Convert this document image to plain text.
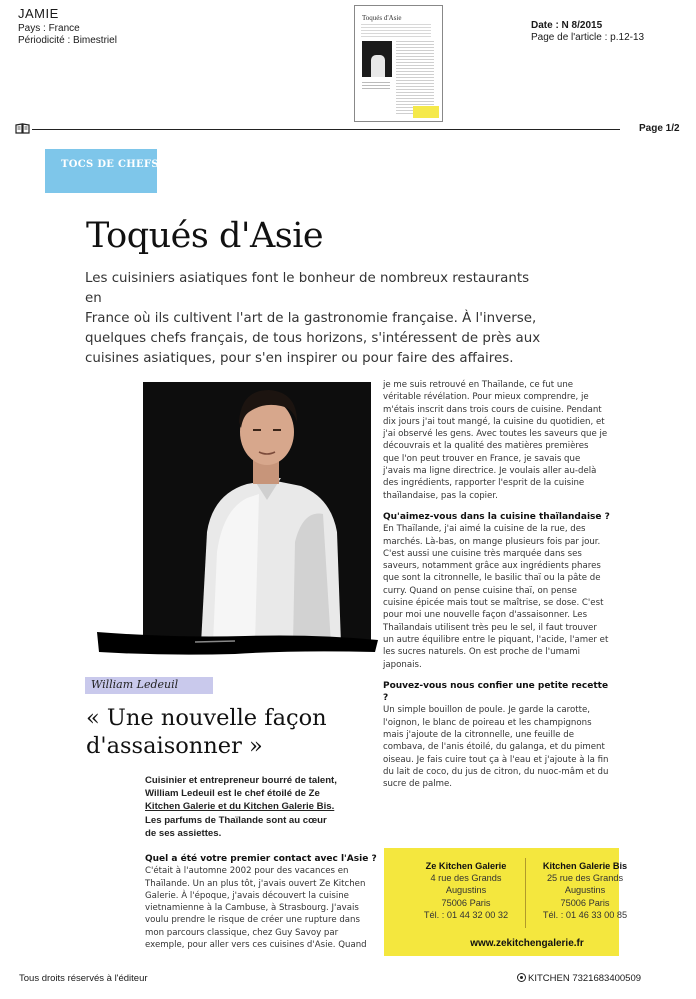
JAMIE
Pays : France
Périodicité : Bimestriel
Toqués d'Asie
Date : N 8/2015
Page de l'article : p.12-13
Page 1/2
TOCS DE CHEFS
Toqués d'Asie
Les cuisiniers asiatiques font le bonheur de nombreux restaurants en
France où ils cultivent l'art de la gastronomie française. À l'inverse,
quelques chefs français, de tous horizons, s'intéressent de près aux
cuisines asiatiques, pour s'en inspirer ou pour faire des affaires.
William Ledeuil
« Une nouvelle façon
d'assaisonner »
Cuisinier et entrepreneur bourré de talent,
William Ledeuil est le chef étoilé de Ze
Kitchen Galerie et du Kitchen Galerie Bis.
Les parfums de Thaïlande sont au cœur
de ses assiettes.
Quel a été votre premier contact avec l'Asie ?
C'était à l'automne 2002 pour des vacances en
Thaïlande. Un an plus tôt, j'avais ouvert Ze Kitchen
Galerie. À l'époque, j'avais découvert la cuisine
vietnamienne à la Cambuse, à Strasbourg. J'avais
voulu prendre le risque de créer une rupture dans
mon parcours classique, chez Guy Savoy par
exemple, pour aller vers ces cuisines d'Asie. Quand
je me suis retrouvé en Thaïlande, ce fut une
véritable révélation. Pour mieux comprendre, je
m'étais inscrit dans trois cours de cuisine. Pendant
dix jours j'ai tout mangé, la cuisine du quotidien, et
j'ai observé les gens. Avec toutes les saveurs que je
découvrais et la qualité des matières premières
que l'on peut trouver en France, je savais que
j'avais ma ligne directrice. Je voulais aller au-delà
des ingrédients, rapporter l'esprit de la cuisine
thaïlandaise, pas la copier.
Qu'aimez-vous dans la cuisine thaïlandaise ?
En Thaïlande, j'ai aimé la cuisine de la rue, des
marchés. Là-bas, on mange plusieurs fois par jour.
C'est aussi une cuisine très marquée dans ses
saveurs, notamment grâce aux ingrédients phares
que sont la citronnelle, le basilic thaï ou la pâte de
curry. Quand on pense cuisine thaï, on pense
cuisine épicée mais tout se maîtrise, se dose. C'est
pour moi une nouvelle façon d'assaisonner. Les
Thaïlandais utilisent très peu le sel, il faut trouver
un autre équilibre entre le piquant, l'acide, l'amer et
les sucres naturels. On est proche de l'umami
japonais.
Pouvez-vous nous confier une petite recette ?
Un simple bouillon de poule. Je garde la carotte,
l'oignon, le blanc de poireau et les champignons
mais j'ajoute de la citronnelle, une feuille de
combava, de l'anis étoilé, du galanga, et du piment
oiseau. Je fais cuire tout ça à l'eau et j'ajoute à la fin
du lait de coco, du jus de citron, du nuoc-mâm et du
sucre de palme.
Ze Kitchen Galerie
4 rue des Grands
Augustins
75006 Paris
Tél. : 01 44 32 00 32
Kitchen Galerie Bis
25 rue des Grands
Augustins
75006 Paris
Tél. : 01 46 33 00 85
www.zekitchengalerie.fr
Tous droits réservés à l'éditeur	KITCHEN 7321683400509
